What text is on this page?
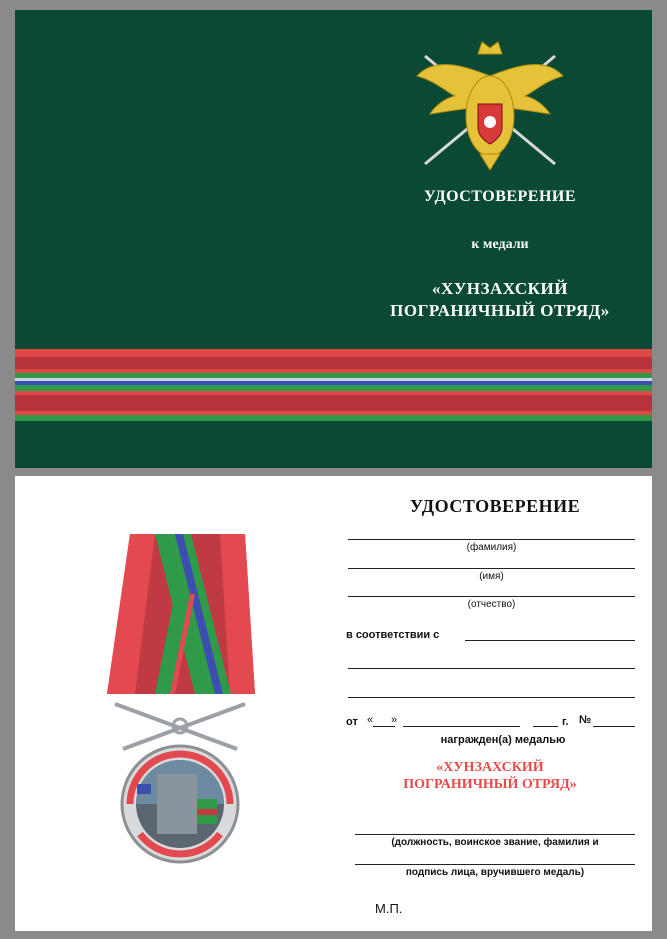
УДОСТОВЕРЕНИЕ
к медали
«ХУНЗАХСКИЙ
ПОГРАНИЧНЫЙ ОТРЯД»
УДОСТОВЕРЕНИЕ
(фамилия)
(имя)
(отчество)
в соответствии с
от « »	г. №
награжден(а) медалью
«ХУНЗАХСКИЙ
ПОГРАНИЧНЫЙ ОТРЯД»
(должность, воинское звание, фамилия и
подпись лица, вручившего медаль)
М.П.
